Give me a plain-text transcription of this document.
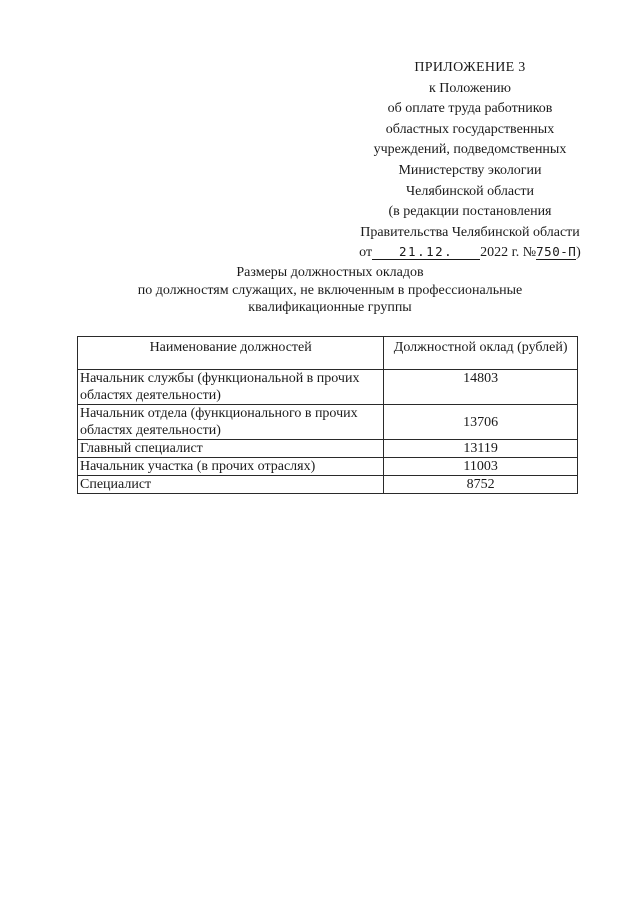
ПРИЛОЖЕНИЕ 3
к Положению
об оплате труда работников
областных государственных
учреждений, подведомственных
Министерству экологии
Челябинской области
(в редакции постановления
Правительства Челябинской области
от 21.12. 2022 г. №750-П)
Размеры должностных окладов
по должностям служащих, не включенным в профессиональные
квалификационные группы
Наименование должностей	Должностной оклад (рублей)
Начальник службы (функциональной в прочих областях деятельности)	14803
Начальник отдела (функционального в прочих областях деятельности)	13706
Главный специалист	13119
Начальник участка (в прочих отраслях)	11003
Специалист	8752
